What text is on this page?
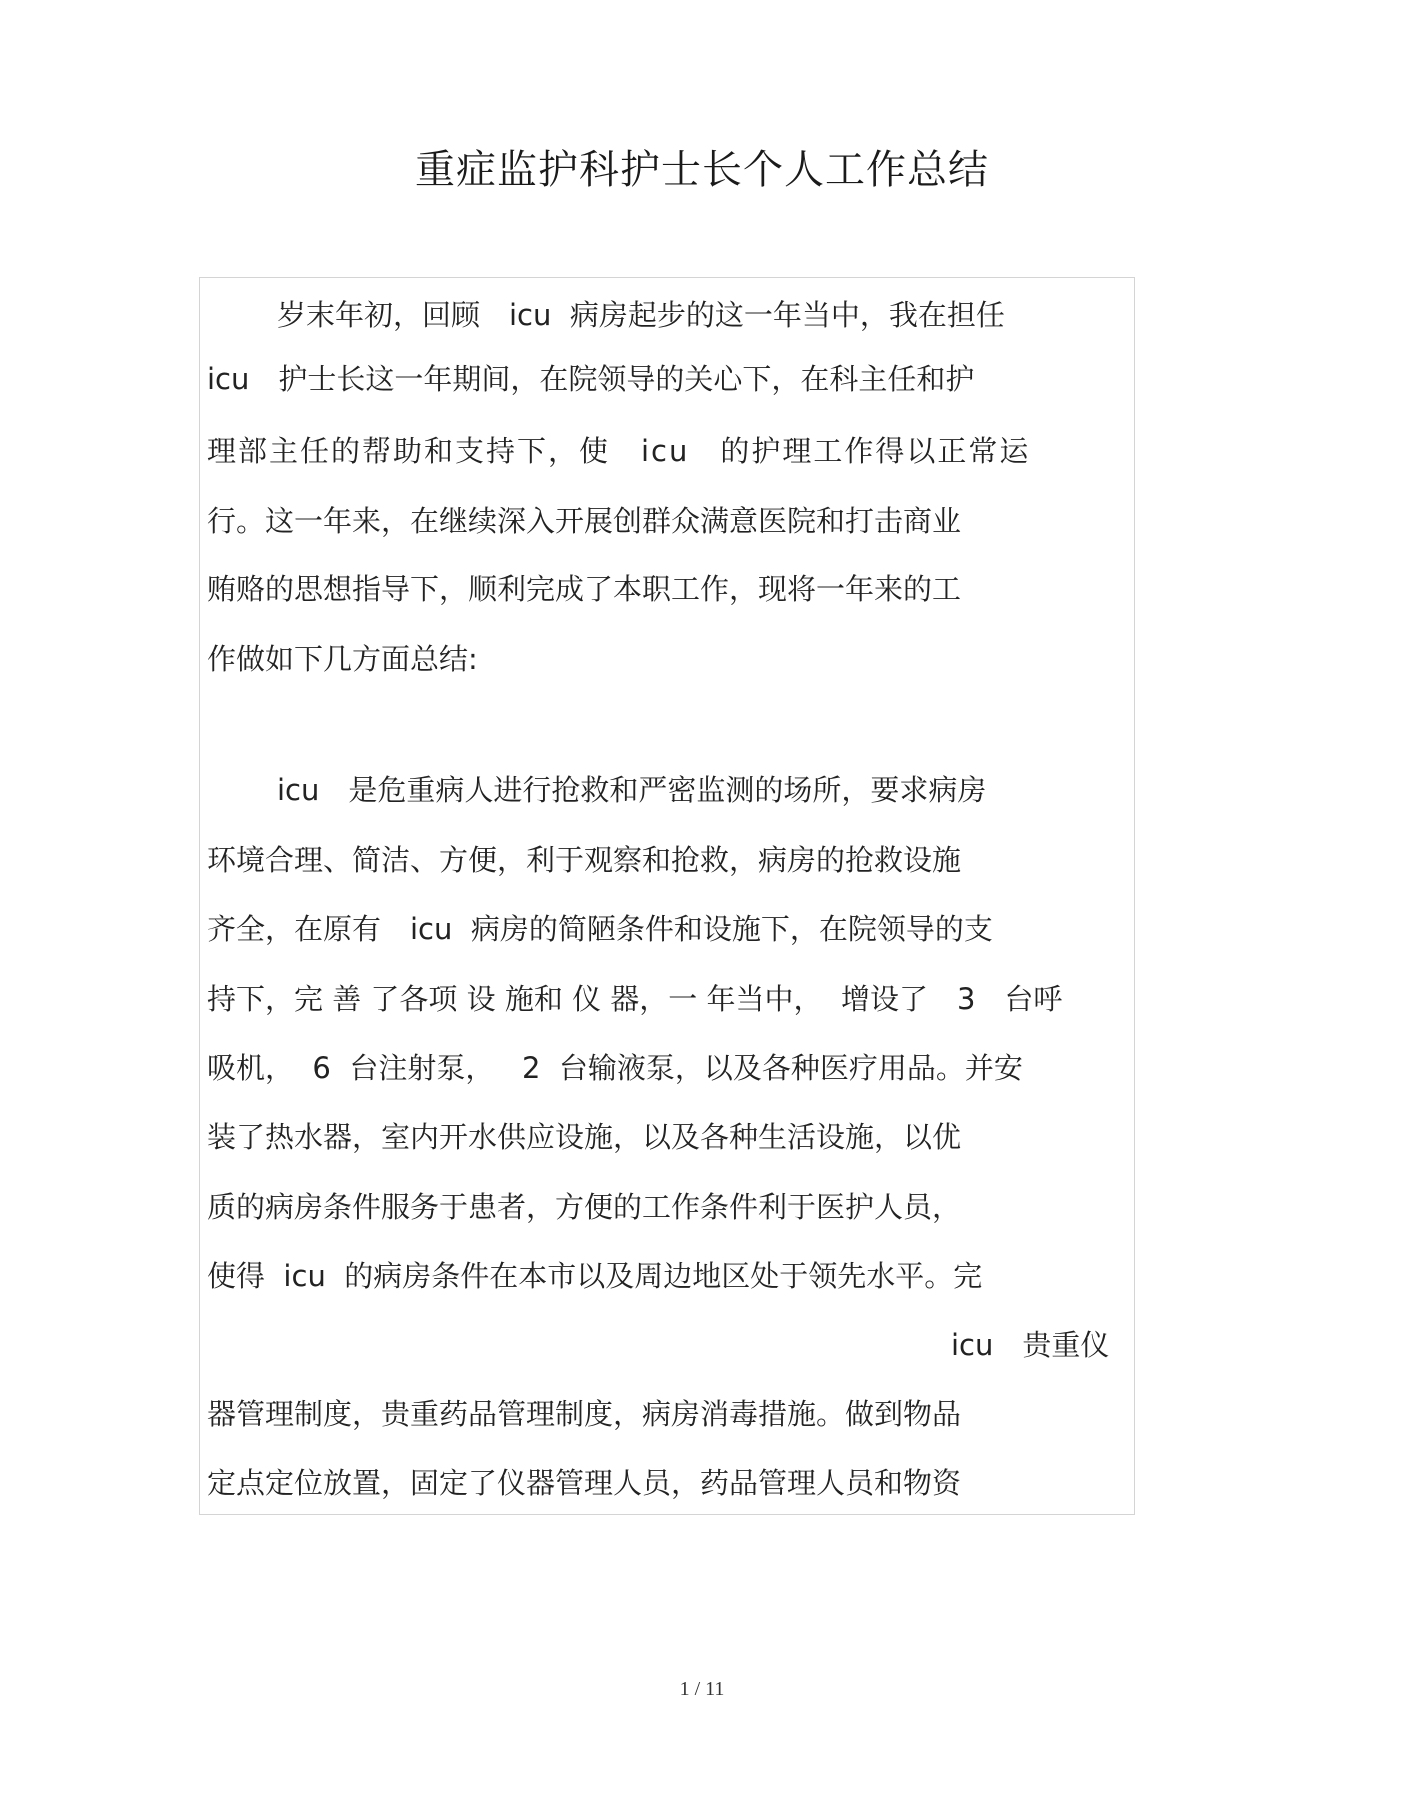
重症监护科护士长个人工作总结
岁末年初，回顾　icu  病房起步的这一年当中，我在担任
icu　护士长这一年期间，在院领导的关心下，在科主任和护
理部主任的帮助和支持下，使　icu　的护理工作得以正常运
行。这一年来，在继续深入开展创群众满意医院和打击商业
贿赂的思想指导下，顺利完成了本职工作，现将一年来的工
作做如下几方面总结:
icu　是危重病人进行抢救和严密监测的场所，要求病房
环境合理、简洁、方便，利于观察和抢救，病房的抢救设施
齐全，在原有　icu  病房的简陋条件和设施下，在院领导的支
持下，完 善 了各项 设 施和 仪 器，一 年当中，  增设了　3　台呼
吸机，  6  台注射泵，   2  台输液泵，以及各种医疗用品。并安
装了热水器，室内开水供应设施，以及各种生活设施，以优
质的病房条件服务于患者，方便的工作条件利于医护人员，
使得  icu  的病房条件在本市以及周边地区处于领先水平。完
icu　贵重仪
器管理制度，贵重药品管理制度，病房消毒措施。做到物品
定点定位放置，固定了仪器管理人员，药品管理人员和物资
1 / 11
